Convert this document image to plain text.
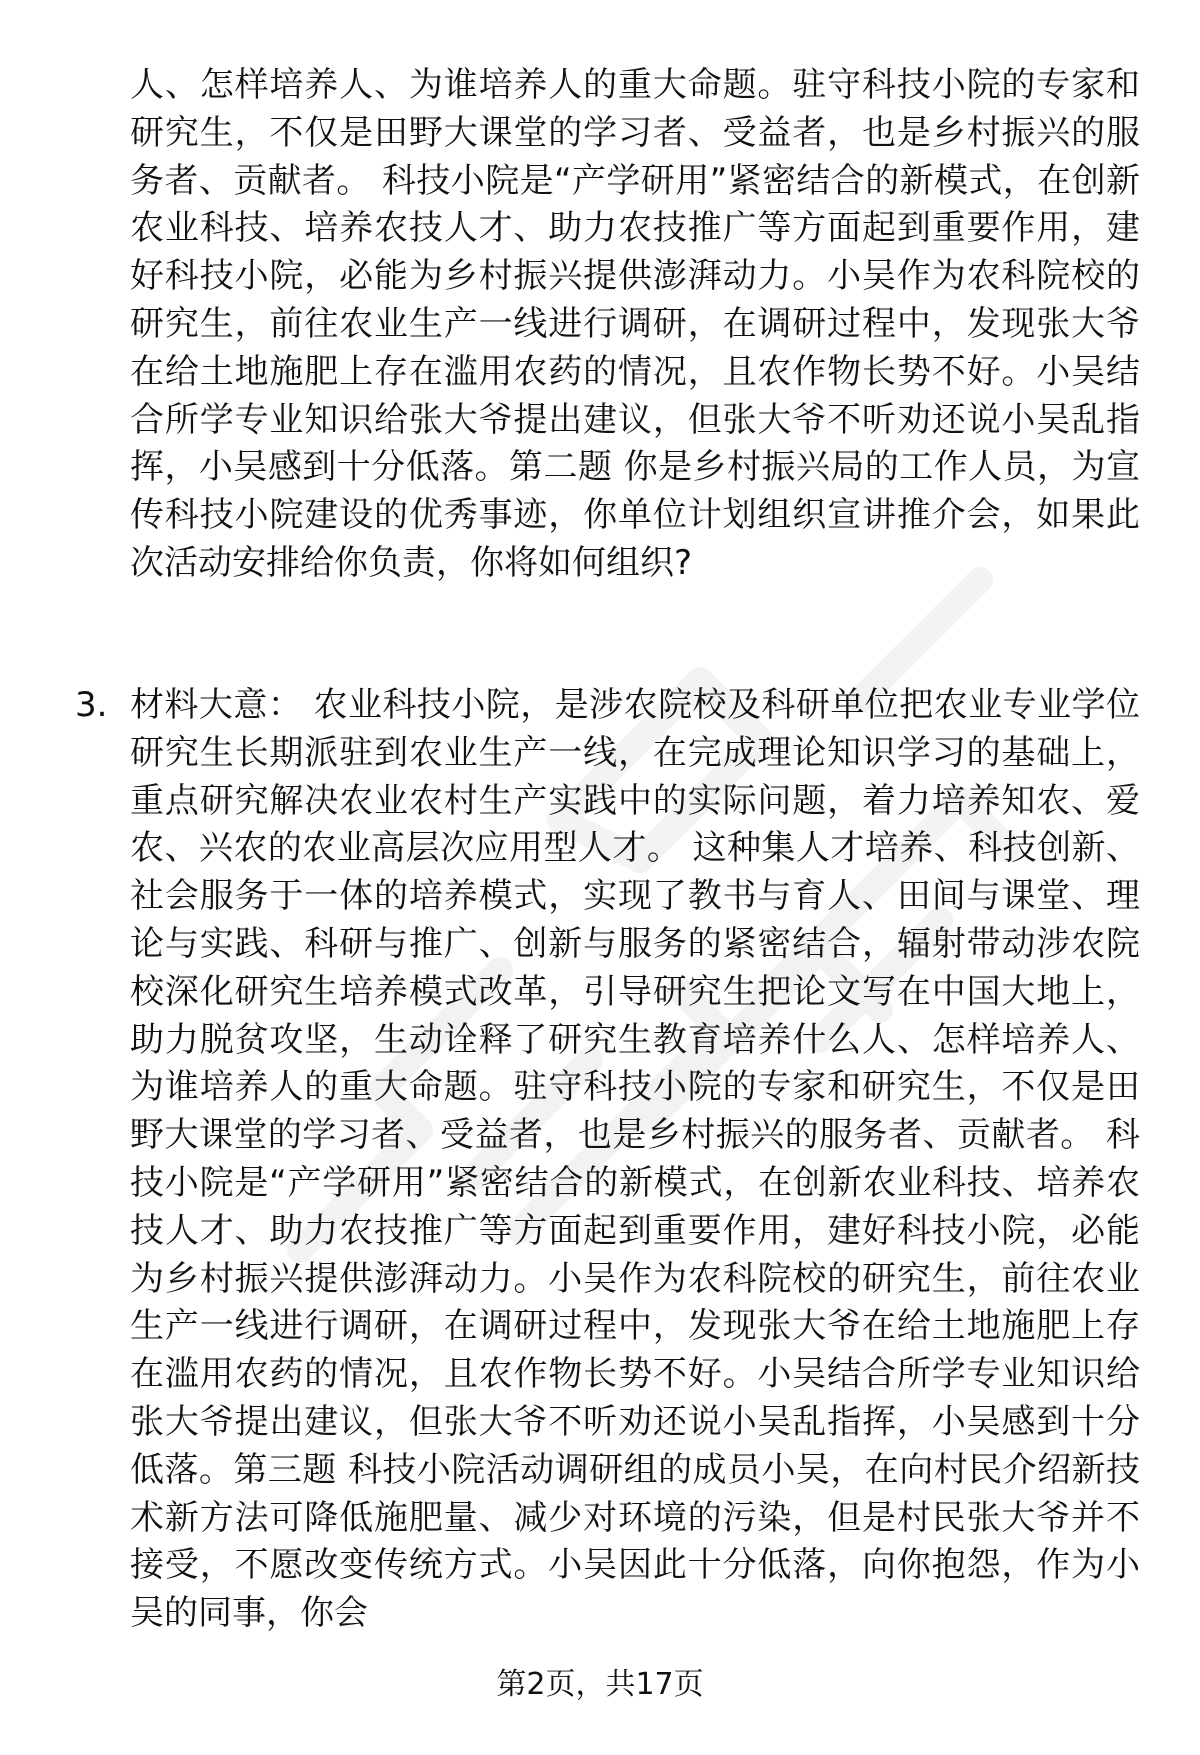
人、怎样培养人、为谁培养人的重大命题。驻守科技小院的专家和研究生，不仅是田野大课堂的学习者、受益者，也是乡村振兴的服务者、贡献者。 科技小院是“产学研用”紧密结合的新模式，在创新农业科技、培养农技人才、助力农技推广等方面起到重要作用，建好科技小院，必能为乡村振兴提供澎湃动力。小吴作为农科院校的研究生，前往农业生产一线进行调研，在调研过程中，发现张大爷在给土地施肥上存在滥用农药的情况，且农作物长势不好。小吴结合所学专业知识给张大爷提出建议，但张大爷不听劝还说小吴乱指挥，小吴感到十分低落。第二题 你是乡村振兴局的工作人员，为宣传科技小院建设的优秀事迹，你单位计划组织宣讲推介会，如果此次活动安排给你负责，你将如何组织?

3. 材料大意： 农业科技小院，是涉农院校及科研单位把农业专业学位研究生长期派驻到农业生产一线，在完成理论知识学习的基础上，重点研究解决农业农村生产实践中的实际问题，着力培养知农、爱农、兴农的农业高层次应用型人才。 这种集人才培养、科技创新、社会服务于一体的培养模式，实现了教书与育人、田间与课堂、理论与实践、科研与推广、创新与服务的紧密结合，辐射带动涉农院校深化研究生培养模式改革，引导研究生把论文写在中国大地上，助力脱贫攻坚，生动诠释了研究生教育培养什么人、怎样培养人、为谁培养人的重大命题。驻守科技小院的专家和研究生，不仅是田野大课堂的学习者、受益者，也是乡村振兴的服务者、贡献者。 科技小院是“产学研用”紧密结合的新模式，在创新农业科技、培养农技人才、助力农技推广等方面起到重要作用，建好科技小院，必能为乡村振兴提供澎湃动力。小吴作为农科院校的研究生，前往农业生产一线进行调研，在调研过程中，发现张大爷在给土地施肥上存在滥用农药的情况，且农作物长势不好。小吴结合所学专业知识给张大爷提出建议，但张大爷不听劝还说小吴乱指挥，小吴感到十分低落。第三题 科技小院活动调研组的成员小吴，在向村民介绍新技术新方法可降低施肥量、减少对环境的污染，但是村民张大爷并不接受，不愿改变传统方式。小吴因此十分低落，向你抱怨，作为小吴的同事，你会

第2页，共17页
